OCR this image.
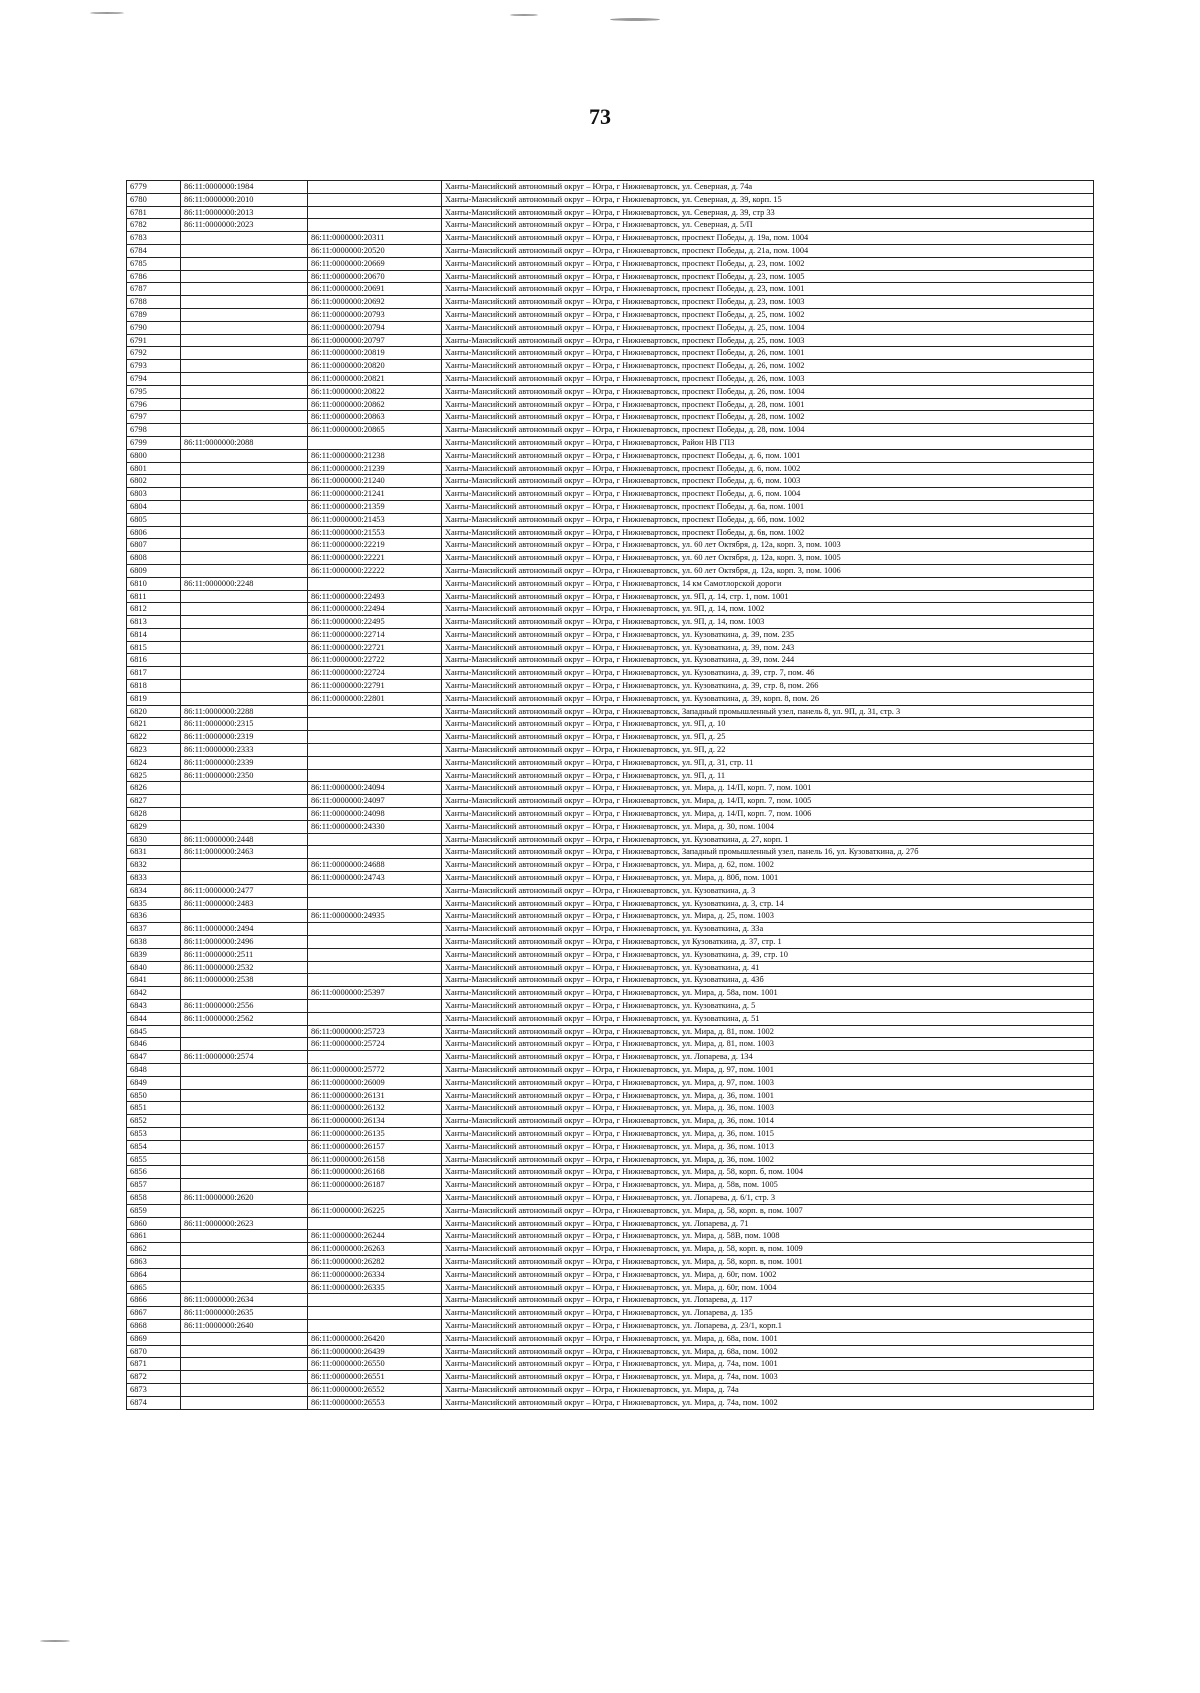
73
6779	86:11:0000000:1984		Ханты-Мансийский автономный округ – Югра, г Нижневартовск, ул. Северная, д. 74а
6780	86:11:0000000:2010		Ханты-Мансийский автономный округ – Югра, г Нижневартовск, ул. Северная, д. 39, корп. 15
6781	86:11:0000000:2013		Ханты-Мансийский автономный округ – Югра, г Нижневартовск, ул. Северная, д. 39, стр 33
6782	86:11:0000000:2023		Ханты-Мансийский автономный округ – Югра, г Нижневартовск, ул. Северная, д. 5/П
6783		86:11:0000000:20311	Ханты-Мансийский автономный округ – Югра, г Нижневартовск, проспект Победы, д. 19а, пом. 1004
6784		86:11:0000000:20520	Ханты-Мансийский автономный округ – Югра, г Нижневартовск, проспект Победы, д. 21а, пом. 1004
6785		86:11:0000000:20669	Ханты-Мансийский автономный округ – Югра, г Нижневартовск, проспект Победы, д. 23, пом. 1002
6786		86:11:0000000:20670	Ханты-Мансийский автономный округ – Югра, г Нижневартовск, проспект Победы, д. 23, пом. 1005
6787		86:11:0000000:20691	Ханты-Мансийский автономный округ – Югра, г Нижневартовск, проспект Победы, д. 23, пом. 1001
6788		86:11:0000000:20692	Ханты-Мансийский автономный округ – Югра, г Нижневартовск, проспект Победы, д. 23, пом. 1003
6789		86:11:0000000:20793	Ханты-Мансийский автономный округ – Югра, г Нижневартовск, проспект Победы, д. 25, пом. 1002
6790		86:11:0000000:20794	Ханты-Мансийский автономный округ – Югра, г Нижневартовск, проспект Победы, д. 25, пом. 1004
6791		86:11:0000000:20797	Ханты-Мансийский автономный округ – Югра, г Нижневартовск, проспект Победы, д. 25, пом. 1003
6792		86:11:0000000:20819	Ханты-Мансийский автономный округ – Югра, г Нижневартовск, проспект Победы, д. 26, пом. 1001
6793		86:11:0000000:20820	Ханты-Мансийский автономный округ – Югра, г Нижневартовск, проспект Победы, д. 26, пом. 1002
6794		86:11:0000000:20821	Ханты-Мансийский автономный округ – Югра, г Нижневартовск, проспект Победы, д. 26, пом. 1003
6795		86:11:0000000:20822	Ханты-Мансийский автономный округ – Югра, г Нижневартовск, проспект Победы, д. 26, пом. 1004
6796		86:11:0000000:20862	Ханты-Мансийский автономный округ – Югра, г Нижневартовск, проспект Победы, д. 28, пом. 1001
6797		86:11:0000000:20863	Ханты-Мансийский автономный округ – Югра, г Нижневартовск, проспект Победы, д. 28, пом. 1002
6798		86:11:0000000:20865	Ханты-Мансийский автономный округ – Югра, г Нижневартовск, проспект Победы, д. 28, пом. 1004
6799	86:11:0000000:2088		Ханты-Мансийский автономный округ – Югра, г Нижневартовск, Район НВ ГПЗ
6800		86:11:0000000:21238	Ханты-Мансийский автономный округ – Югра, г Нижневартовск, проспект Победы, д. 6, пом. 1001
6801		86:11:0000000:21239	Ханты-Мансийский автономный округ – Югра, г Нижневартовск, проспект Победы, д. 6, пом. 1002
6802		86:11:0000000:21240	Ханты-Мансийский автономный округ – Югра, г Нижневартовск, проспект Победы, д. 6, пом. 1003
6803		86:11:0000000:21241	Ханты-Мансийский автономный округ – Югра, г Нижневартовск, проспект Победы, д. 6, пом. 1004
6804		86:11:0000000:21359	Ханты-Мансийский автономный округ – Югра, г Нижневартовск, проспект Победы, д. 6а, пом. 1001
6805		86:11:0000000:21453	Ханты-Мансийский автономный округ – Югра, г Нижневартовск, проспект Победы, д. 6б, пом. 1002
6806		86:11:0000000:21553	Ханты-Мансийский автономный округ – Югра, г Нижневартовск, проспект Победы, д. 6в, пом. 1002
6807		86:11:0000000:22219	Ханты-Мансийский автономный округ – Югра, г Нижневартовск, ул. 60 лет Октября, д. 12а, корп. 3, пом. 1003
6808		86:11:0000000:22221	Ханты-Мансийский автономный округ – Югра, г Нижневартовск, ул. 60 лет Октября, д. 12а, корп. 3, пом. 1005
6809		86:11:0000000:22222	Ханты-Мансийский автономный округ – Югра, г Нижневартовск, ул. 60 лет Октября, д. 12а, корп. 3, пом. 1006
6810	86:11:0000000:2248		Ханты-Мансийский автономный округ – Югра, г Нижневартовск, 14 км Самотлорской дороги
6811		86:11:0000000:22493	Ханты-Мансийский автономный округ – Югра, г Нижневартовск, ул. 9П, д. 14, стр. 1, пом. 1001
6812		86:11:0000000:22494	Ханты-Мансийский автономный округ – Югра, г Нижневартовск, ул. 9П, д. 14, пом. 1002
6813		86:11:0000000:22495	Ханты-Мансийский автономный округ – Югра, г Нижневартовск, ул. 9П, д. 14, пом. 1003
6814		86:11:0000000:22714	Ханты-Мансийский автономный округ – Югра, г Нижневартовск, ул. Кузоваткина, д. 39, пом. 235
6815		86:11:0000000:22721	Ханты-Мансийский автономный округ – Югра, г Нижневартовск, ул. Кузоваткина, д. 39, пом. 243
6816		86:11:0000000:22722	Ханты-Мансийский автономный округ – Югра, г Нижневартовск, ул. Кузоваткина, д. 39, пом. 244
6817		86:11:0000000:22724	Ханты-Мансийский автономный округ – Югра, г Нижневартовск, ул. Кузоваткина, д. 39, стр. 7, пом. 46
6818		86:11:0000000:22791	Ханты-Мансийский автономный округ – Югра, г Нижневартовск, ул. Кузоваткина, д. 39, стр. 8, пом. 266
6819		86:11:0000000:22801	Ханты-Мансийский автономный округ – Югра, г Нижневартовск, ул. Кузоваткина, д. 39, корп. 8, пом. 26
6820	86:11:0000000:2288		Ханты-Мансийский автономный округ – Югра, г Нижневартовск, Западный промышленный узел, панель 8, ул. 9П, д. 31, стр. 3
6821	86:11:0000000:2315		Ханты-Мансийский автономный округ – Югра, г Нижневартовск, ул. 9П, д. 10
6822	86:11:0000000:2319		Ханты-Мансийский автономный округ – Югра, г Нижневартовск, ул. 9П, д. 25
6823	86:11:0000000:2333		Ханты-Мансийский автономный округ – Югра, г Нижневартовск, ул. 9П, д. 22
6824	86:11:0000000:2339		Ханты-Мансийский автономный округ – Югра, г Нижневартовск, ул. 9П, д. 31, стр. 11
6825	86:11:0000000:2350		Ханты-Мансийский автономный округ – Югра, г Нижневартовск, ул. 9П, д. 11
6826		86:11:0000000:24094	Ханты-Мансийский автономный округ – Югра, г Нижневартовск, ул. Мира, д. 14/П, корп. 7, пом. 1001
6827		86:11:0000000:24097	Ханты-Мансийский автономный округ – Югра, г Нижневартовск, ул. Мира, д. 14/П, корп. 7, пом. 1005
6828		86:11:0000000:24098	Ханты-Мансийский автономный округ – Югра, г Нижневартовск, ул. Мира, д. 14/П, корп. 7, пом. 1006
6829		86:11:0000000:24330	Ханты-Мансийский автономный округ – Югра, г Нижневартовск, ул. Мира, д. 30, пом. 1004
6830	86:11:0000000:2448		Ханты-Мансийский автономный округ – Югра, г Нижневартовск, ул. Кузоваткина, д. 27, корп. 1
6831	86:11:0000000:2463		Ханты-Мансийский автономный округ – Югра, г Нижневартовск, Западный промышленный узел, панель 16, ул. Кузоваткина, д. 27б
6832		86:11:0000000:24688	Ханты-Мансийский автономный округ – Югра, г Нижневартовск, ул. Мира, д. 62, пом. 1002
6833		86:11:0000000:24743	Ханты-Мансийский автономный округ – Югра, г Нижневартовск, ул. Мира, д. 80б, пом. 1001
6834	86:11:0000000:2477		Ханты-Мансийский автономный округ – Югра, г Нижневартовск, ул. Кузоваткина, д. 3
6835	86:11:0000000:2483		Ханты-Мансийский автономный округ – Югра, г Нижневартовск, ул. Кузоваткина, д. 3, стр. 14
6836		86:11:0000000:24935	Ханты-Мансийский автономный округ – Югра, г Нижневартовск, ул. Мира, д. 25, пом. 1003
6837	86:11:0000000:2494		Ханты-Мансийский автономный округ – Югра, г Нижневартовск, ул. Кузоваткина, д. 33а
6838	86:11:0000000:2496		Ханты-Мансийский автономный округ – Югра, г Нижневартовск, ул Кузоваткина, д. 37, стр. 1
6839	86:11:0000000:2511		Ханты-Мансийский автономный округ – Югра, г Нижневартовск, ул. Кузоваткина, д. 39, стр. 10
6840	86:11:0000000:2532		Ханты-Мансийский автономный округ – Югра, г Нижневартовск, ул. Кузоваткина, д. 41
6841	86:11:0000000:2538		Ханты-Мансийский автономный округ – Югра, г Нижневартовск, ул. Кузоваткина, д. 43б
6842		86:11:0000000:25397	Ханты-Мансийский автономный округ – Югра, г Нижневартовск, ул. Мира, д. 58а, пом. 1001
6843	86:11:0000000:2556		Ханты-Мансийский автономный округ – Югра, г Нижневартовск, ул. Кузоваткина, д. 5
6844	86:11:0000000:2562		Ханты-Мансийский автономный округ – Югра, г Нижневартовск, ул. Кузоваткина, д. 51
6845		86:11:0000000:25723	Ханты-Мансийский автономный округ – Югра, г Нижневартовск, ул. Мира, д. 81, пом. 1002
6846		86:11:0000000:25724	Ханты-Мансийский автономный округ – Югра, г Нижневартовск, ул. Мира, д. 81, пом. 1003
6847	86:11:0000000:2574		Ханты-Мансийский автономный округ – Югра, г Нижневартовск, ул. Лопарева, д. 134
6848		86:11:0000000:25772	Ханты-Мансийский автономный округ – Югра, г Нижневартовск, ул. Мира, д. 97, пом. 1001
6849		86:11:0000000:26009	Ханты-Мансийский автономный округ – Югра, г Нижневартовск, ул. Мира, д. 97, пом. 1003
6850		86:11:0000000:26131	Ханты-Мансийский автономный округ – Югра, г Нижневартовск, ул. Мира, д. 36, пом. 1001
6851		86:11:0000000:26132	Ханты-Мансийский автономный округ – Югра, г Нижневартовск, ул. Мира, д. 36, пом. 1003
6852		86:11:0000000:26134	Ханты-Мансийский автономный округ – Югра, г Нижневартовск, ул. Мира, д. 36, пом. 1014
6853		86:11:0000000:26135	Ханты-Мансийский автономный округ – Югра, г Нижневартовск, ул. Мира, д. 36, пом. 1015
6854		86:11:0000000:26157	Ханты-Мансийский автономный округ – Югра, г Нижневартовск, ул. Мира, д. 36, пом. 1013
6855		86:11:0000000:26158	Ханты-Мансийский автономный округ – Югра, г Нижневартовск, ул. Мира, д. 36, пом. 1002
6856		86:11:0000000:26168	Ханты-Мансийский автономный округ – Югра, г Нижневартовск, ул. Мира, д. 58, корп. б, пом. 1004
6857		86:11:0000000:26187	Ханты-Мансийский автономный округ – Югра, г Нижневартовск, ул. Мира, д. 58в, пом. 1005
6858	86:11:0000000:2620		Ханты-Мансийский автономный округ – Югра, г Нижневартовск, ул. Лопарева, д. 6/1, стр. 3
6859		86:11:0000000:26225	Ханты-Мансийский автономный округ – Югра, г Нижневартовск, ул. Мира, д. 58, корп. в, пом. 1007
6860	86:11:0000000:2623		Ханты-Мансийский автономный округ – Югра, г Нижневартовск, ул. Лопарева, д. 71
6861		86:11:0000000:26244	Ханты-Мансийский автономный округ – Югра, г Нижневартовск, ул. Мира, д. 58В, пом. 1008
6862		86:11:0000000:26263	Ханты-Мансийский автономный округ – Югра, г Нижневартовск, ул. Мира, д. 58, корп. в, пом. 1009
6863		86:11:0000000:26282	Ханты-Мансийский автономный округ – Югра, г Нижневартовск, ул. Мира, д. 58, корп. в, пом. 1001
6864		86:11:0000000:26334	Ханты-Мансийский автономный округ – Югра, г Нижневартовск, ул. Мира, д. 60г, пом. 1002
6865		86:11:0000000:26335	Ханты-Мансийский автономный округ – Югра, г Нижневартовск, ул. Мира, д. 60г, пом. 1004
6866	86:11:0000000:2634		Ханты-Мансийский автономный округ – Югра, г Нижневартовск, ул. Лопарева, д. 117
6867	86:11:0000000:2635		Ханты-Мансийский автономный округ – Югра, г Нижневартовск, ул. Лопарева, д. 135
6868	86:11:0000000:2640		Ханты-Мансийский автономный округ – Югра, г Нижневартовск, ул. Лопарева, д. 23/1, корп.1
6869		86:11:0000000:26420	Ханты-Мансийский автономный округ – Югра, г Нижневартовск, ул. Мира, д. 68а, пом. 1001
6870		86:11:0000000:26439	Ханты-Мансийский автономный округ – Югра, г Нижневартовск, ул. Мира, д. 68а, пом. 1002
6871		86:11:0000000:26550	Ханты-Мансийский автономный округ – Югра, г Нижневартовск, ул. Мира, д. 74а, пом. 1001
6872		86:11:0000000:26551	Ханты-Мансийский автономный округ – Югра, г Нижневартовск, ул. Мира, д. 74а, пом. 1003
6873		86:11:0000000:26552	Ханты-Мансийский автономный округ – Югра, г Нижневартовск, ул. Мира, д. 74а
6874		86:11:0000000:26553	Ханты-Мансийский автономный округ – Югра, г Нижневартовск, ул. Мира, д. 74а, пом. 1002
